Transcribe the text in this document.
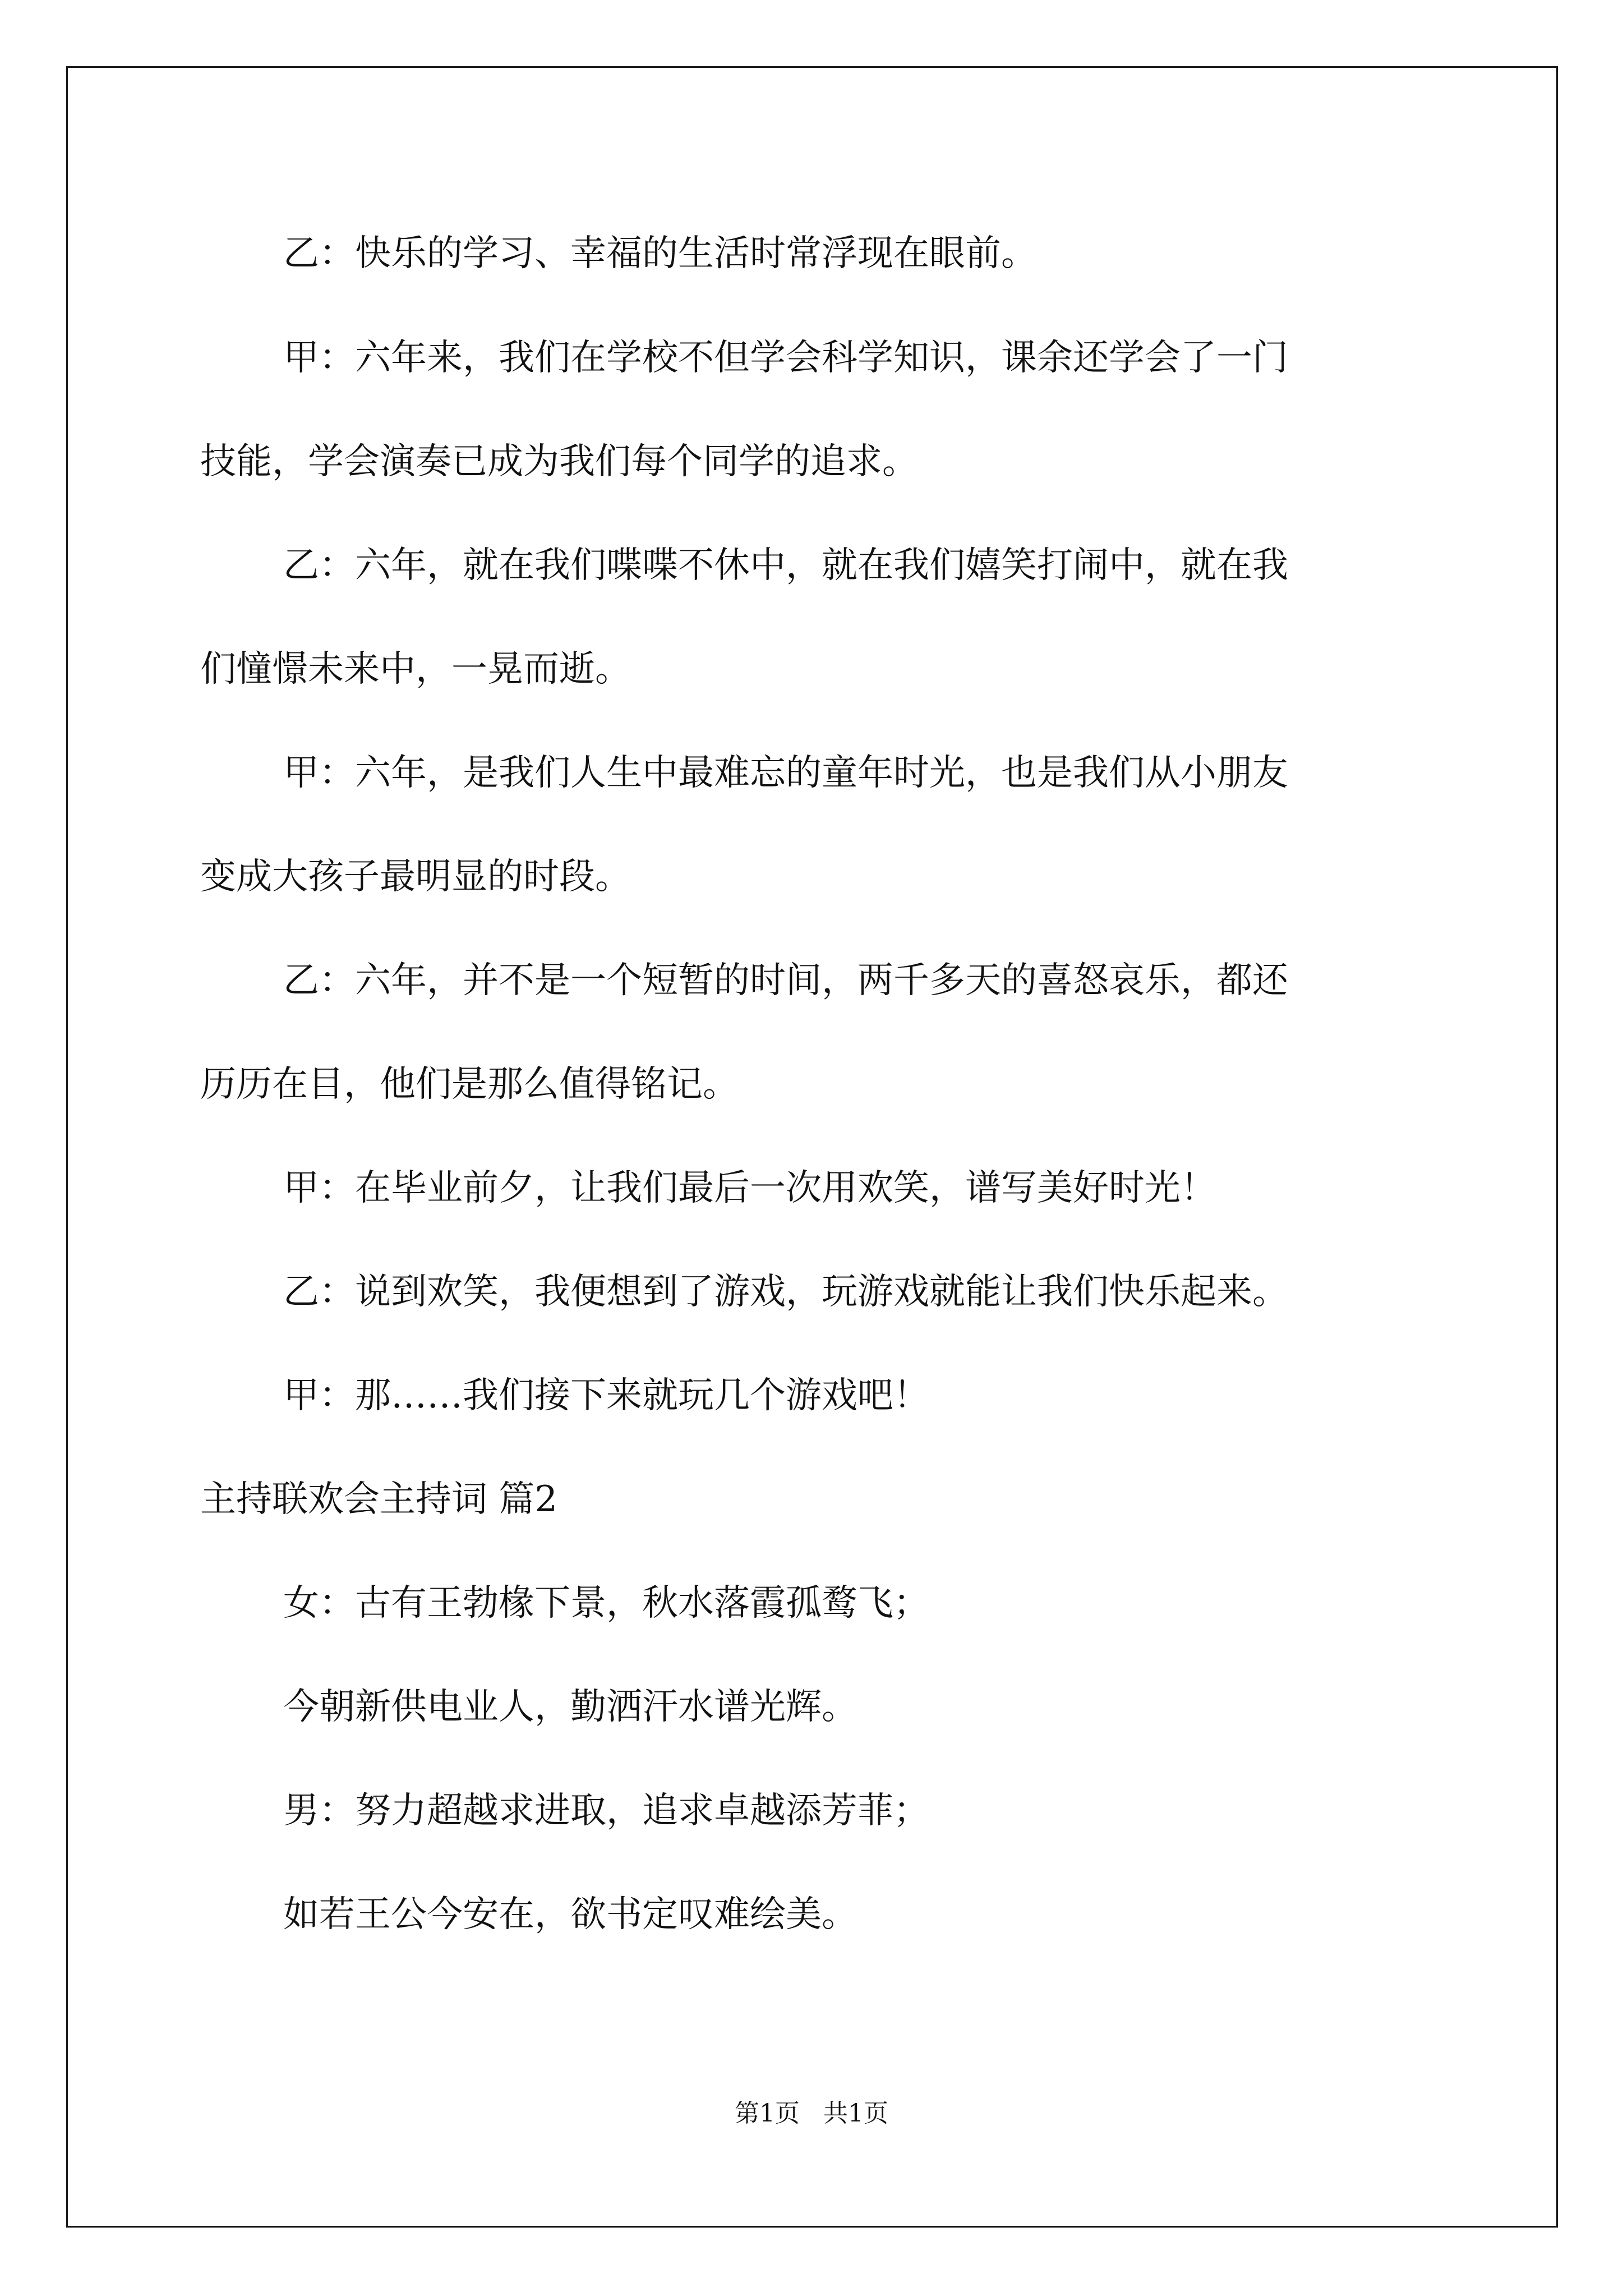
乙：快乐的学习、幸福的生活时常浮现在眼前。
甲：六年来，我们在学校不但学会科学知识，课余还学会了一门
技能，学会演奏已成为我们每个同学的追求。
乙：六年，就在我们喋喋不休中，就在我们嬉笑打闹中，就在我
们憧憬未来中，一晃而逝。
甲：六年，是我们人生中最难忘的童年时光，也是我们从小朋友
变成大孩子最明显的时段。
乙：六年，并不是一个短暂的时间，两千多天的喜怒哀乐，都还
历历在目，他们是那么值得铭记。
甲：在毕业前夕，让我们最后一次用欢笑，谱写美好时光！
乙：说到欢笑，我便想到了游戏，玩游戏就能让我们快乐起来。
甲：那……我们接下来就玩几个游戏吧！
主持联欢会主持词 篇2
女：古有王勃椽下景，秋水落霞孤鹜飞；
今朝新供电业人，勤洒汗水谱光辉。
男：努力超越求进取，追求卓越添芳菲；
如若王公今安在，欲书定叹难绘美。
第1页   共1页
